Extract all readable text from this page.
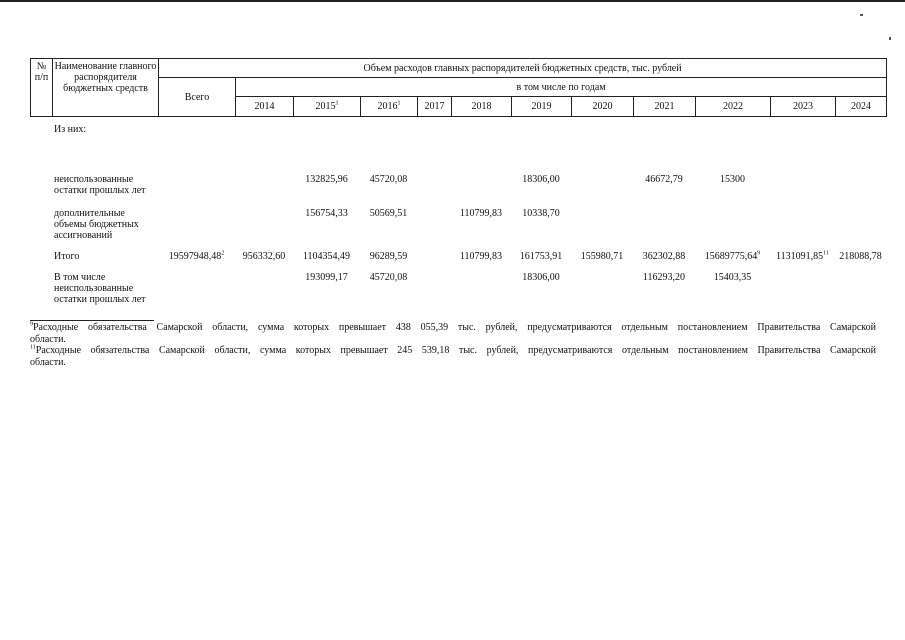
№ п/п	Наименование главного распорядителя бюджетных средств	Объем расходов главных распорядителей бюджетных средств, тыс. рублей											
		Всего	в том числе по годам										
			2014	2015$^1$	2016$^1$	2017	2018	2019	2020	2021	2022	2023	2024
	Из них:												
	неиспользованные остатки прошлых лет			132825,96	45720,08			18306,00		46672,79	15300		
	дополнительные объемы бюджетных ассигнований			156754,33	50569,51		110799,83	10338,70					
	Итого	19597948,48$^2$	956332,60	1104354,49	96289,59		110799,83	161753,91	155980,71	362302,88	15689775,64$^9$	1131091,85$^{11}$	218088,78
	В том числе неиспользованные остатки прошлых лет			193099,17	45720,08			18306,00		116293,20	15403,35		

$^9$Расходные обязательства Самарской области, сумма которых превышает 438 055,39 тыс. рублей, предусматриваются отдельным постановлением Правительства Самарской области.

$^{11}$Расходные обязательства Самарской области, сумма которых превышает 245 539,18 тыс. рублей, предусматриваются отдельным постановлением Правительства Самарской области.
